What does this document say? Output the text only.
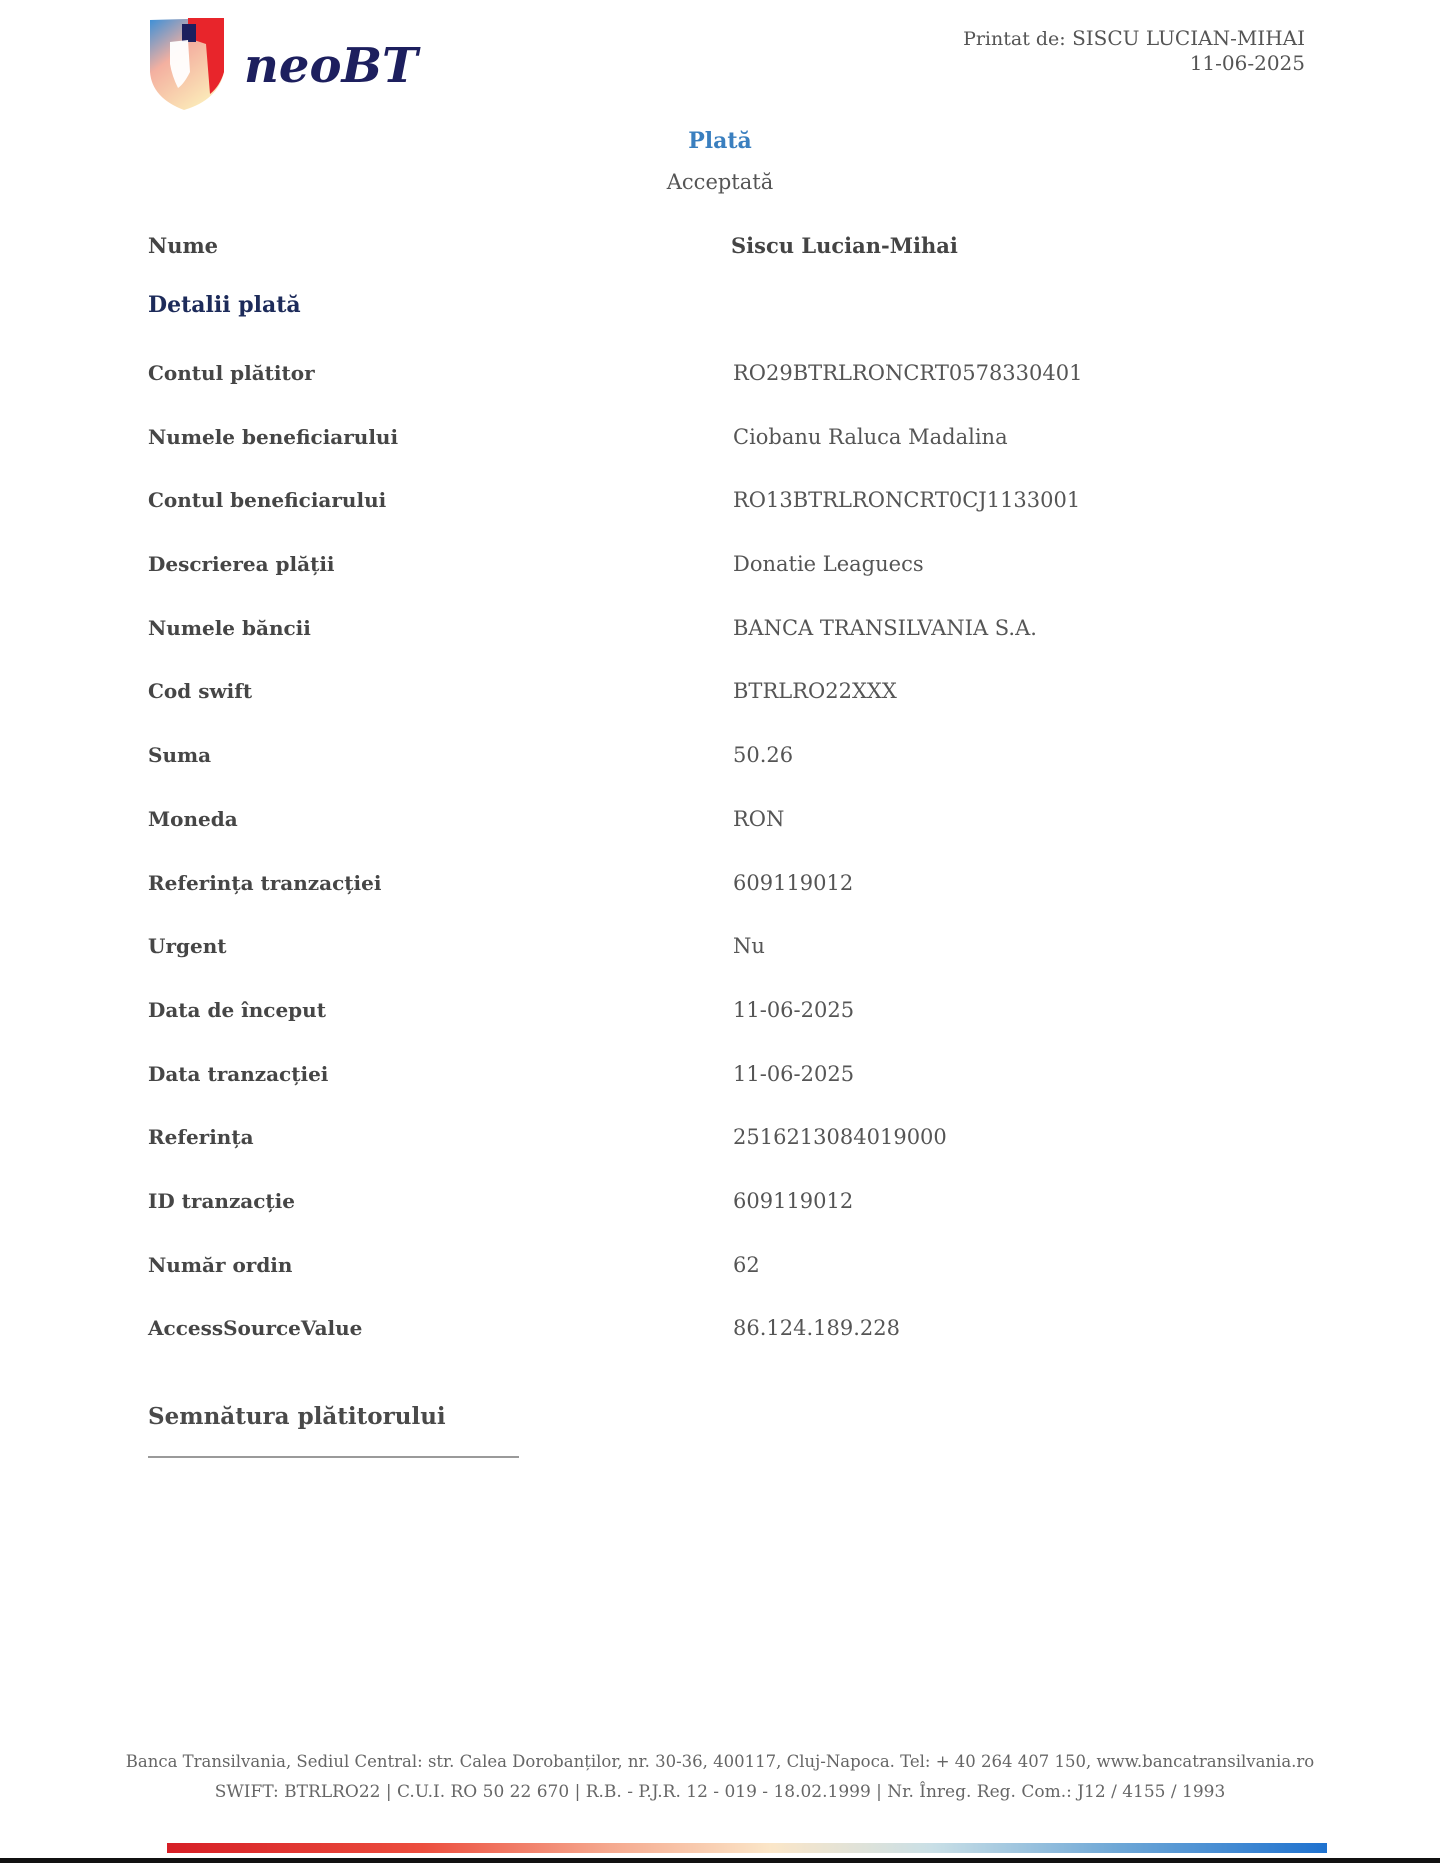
neoBT	Printat de: SISCU LUCIAN-MIHAI
11-06-2025
Plată
Acceptată
Nume	Siscu Lucian-Mihai
Detalii plată
Contul plătitor	RO29BTRLRONCRT0578330401
Numele beneficiarului	Ciobanu Raluca Madalina
Contul beneficiarului	RO13BTRLRONCRT0CJ1133001
Descrierea plății	Donatie Leaguecs
Numele băncii	BANCA TRANSILVANIA S.A.
Cod swift	BTRLRO22XXX
Suma	50.26
Moneda	RON
Referința tranzacției	609119012
Urgent	Nu
Data de început	11-06-2025
Data tranzacției	11-06-2025
Referința	2516213084019000
ID tranzacție	609119012
Număr ordin	62
AccessSourceValue	86.124.189.228
Semnătura plătitorului
Banca Transilvania, Sediul Central: str. Calea Dorobanților, nr. 30-36, 400117, Cluj-Napoca. Tel: + 40 264 407 150, www.bancatransilvania.ro
SWIFT: BTRLRO22 | C.U.I. RO 50 22 670 | R.B. - P.J.R. 12 - 019 - 18.02.1999 | Nr. Înreg. Reg. Com.: J12 / 4155 / 1993
